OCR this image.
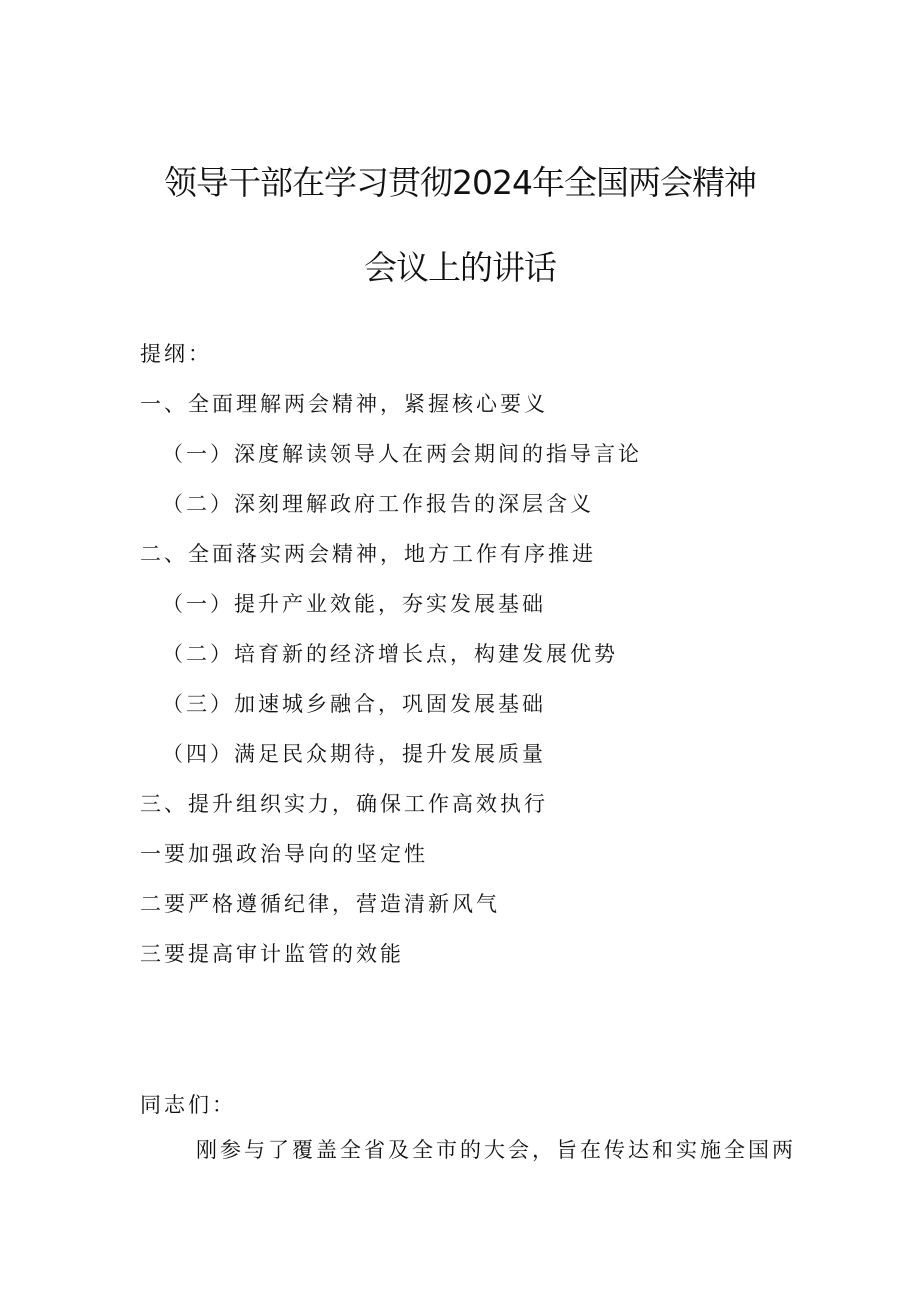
领导干部在学习贯彻2024年全国两会精神
会议上的讲话

提纲：

一、全面理解两会精神，紧握核心要义

（一）深度解读领导人在两会期间的指导言论

（二）深刻理解政府工作报告的深层含义

二、全面落实两会精神，地方工作有序推进

（一）提升产业效能，夯实发展基础

（二）培育新的经济增长点，构建发展优势

（三）加速城乡融合，巩固发展基础

（四）满足民众期待，提升发展质量

三、提升组织实力，确保工作高效执行

一要加强政治导向的坚定性

二要严格遵循纪律，营造清新风气

三要提高审计监管的效能

同志们：

刚参与了覆盖全省及全市的大会，旨在传达和实施全国两
